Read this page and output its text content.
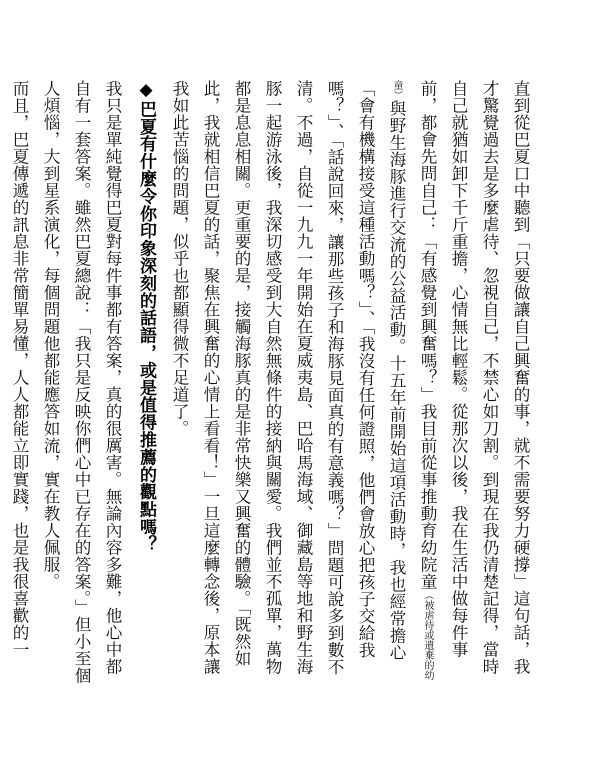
直到從巴夏口中聽到「只要做讓自己興奮的事，就不需要努力硬撐」這句話，我才驚覺過去是多麼虐待、忽視自己，不禁心如刀割。到現在我仍清楚記得，當時自己就猶如卸下千斤重擔，心情無比輕鬆。從那次以後，我在生活中做每件事前，都會先問自己：「有感覺到興奮嗎？」我目前從事推動育幼院童（被虐待或遺棄的幼童）與野生海豚進行交流的公益活動。十五年前開始這項活動時，我也經常擔心「會有機構接受這種活動嗎？」、「我沒有任何證照，他們會放心把孩子交給我嗎？」、「話說回來，讓那些孩子和海豚見面真的有意義嗎？」問題可說多到數不清。不過，自從一九九一年開始在夏威夷島、巴哈馬海域、御藏島等地和野生海豚一起游泳後，我深切感受到大自然無條件的接納與關愛。我們並不孤單，萬物都是息息相關。更重要的是，接觸海豚真的是非常快樂又興奮的體驗。「既然如此，我就相信巴夏的話，聚焦在興奮的心情上看看！」一旦這麼轉念後，原本讓我如此苦惱的問題，似乎也都顯得微不足道了。

◆巴夏有什麼令你印象深刻的話語，或是值得推薦的觀點嗎？

我只是單純覺得巴夏對每件事都有答案，真的很厲害。無論內容多難，他心中都自有一套答案。雖然巴夏總說：「我只是反映你們心中已存在的答案。」但小至個人煩惱，大到星系演化，每個問題他都能應答如流，實在教人佩服。

而且，巴夏傳遞的訊息非常簡單易懂，人人都能立即實踐，也是我很喜歡的一
